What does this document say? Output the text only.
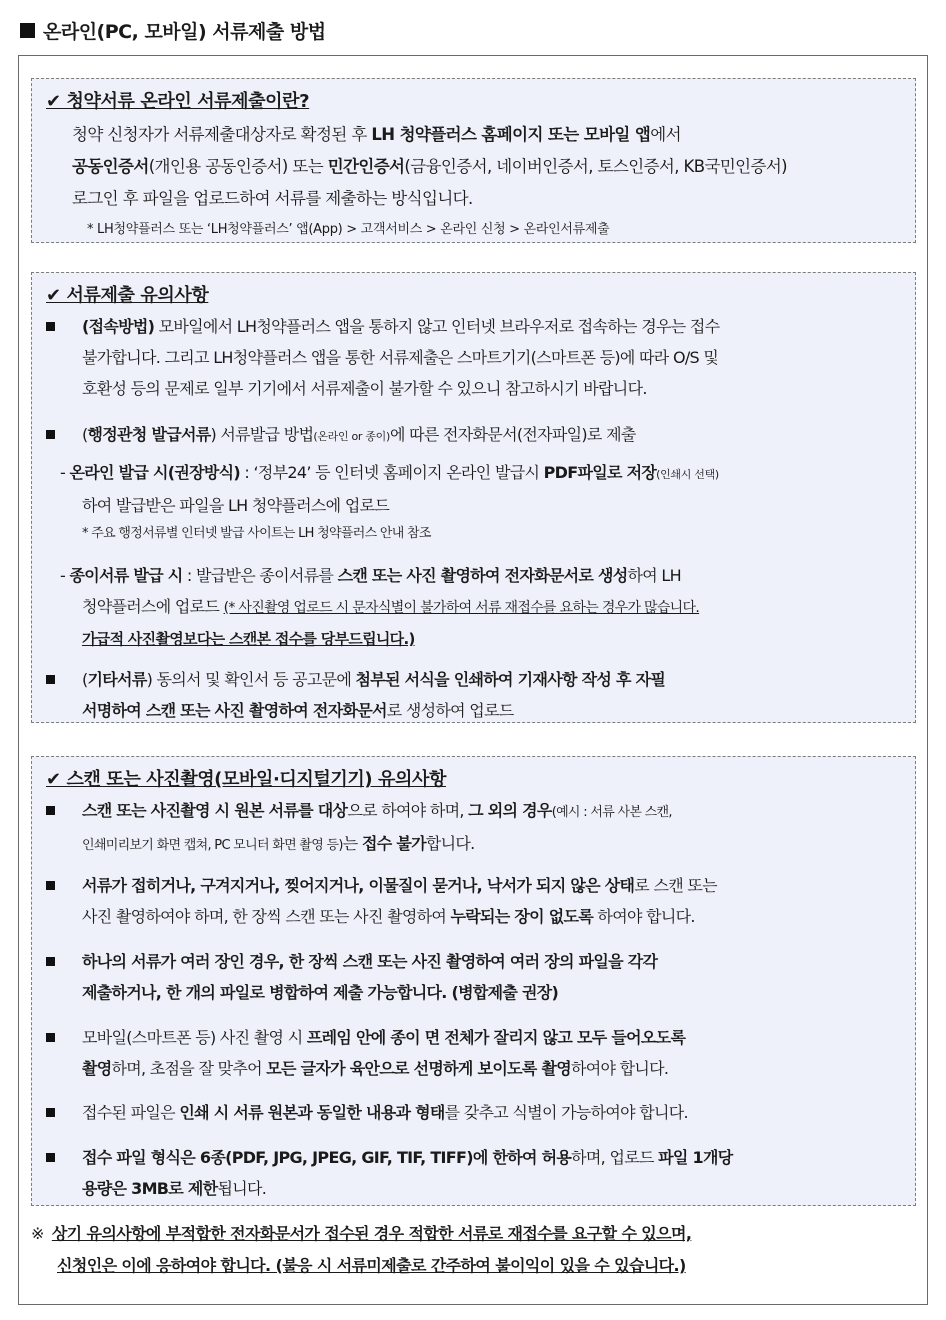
온라인(PC, 모바일) 서류제출 방법
✔ 청약서류 온라인 서류제출이란?
청약 신청자가 서류제출대상자로 확정된 후 LH 청약플러스 홈페이지 또는 모바일 앱에서
공동인증서(개인용 공동인증서) 또는 민간인증서(금융인증서, 네이버인증서, 토스인증서, KB국민인증서)
로그인 후 파일을 업로드하여 서류를 제출하는 방식입니다.
* LH청약플러스 또는 ‘LH청약플러스’ 앱(App) > 고객서비스 > 온라인 신청 > 온라인서류제출
✔ 서류제출 유의사항
(접속방법) 모바일에서 LH청약플러스 앱을 통하지 않고 인터넷 브라우저로 접속하는 경우는 접수
불가합니다. 그리고 LH청약플러스 앱을 통한 서류제출은 스마트기기(스마트폰 등)에 따라 O/S 및
호환성 등의 문제로 일부 기기에서 서류제출이 불가할 수 있으니 참고하시기 바랍니다.
(행정관청 발급서류) 서류발급 방법(온라인 or 종이)에 따른 전자화문서(전자파일)로 제출
- 온라인 발급 시(권장방식) : ‘정부24’ 등 인터넷 홈페이지 온라인 발급시 PDF파일로 저장(인쇄시 선택)
하여 발급받은 파일을 LH 청약플러스에 업로드
* 주요 행정서류별 인터넷 발급 사이트는 LH 청약플러스 안내 참조
- 종이서류 발급 시 : 발급받은 종이서류를 스캔 또는 사진 촬영하여 전자화문서로 생성하여 LH
청약플러스에 업로드 (* 사진촬영 업로드 시 문자식별이 불가하여 서류 재접수를 요하는 경우가 많습니다.
가급적 사진촬영보다는 스캔본 접수를 당부드립니다.)
(기타서류) 동의서 및 확인서 등 공고문에 첨부된 서식을 인쇄하여 기재사항 작성 후 자필
서명하여 스캔 또는 사진 촬영하여 전자화문서로 생성하여 업로드
✔ 스캔 또는 사진촬영(모바일·디지털기기) 유의사항
스캔 또는 사진촬영 시 원본 서류를 대상으로 하여야 하며, 그 외의 경우(예시 : 서류 사본 스캔,
인쇄미리보기 화면 캡쳐, PC 모니터 화면 촬영 등)는 접수 불가합니다.
서류가 접히거나, 구겨지거나, 찢어지거나, 이물질이 묻거나, 낙서가 되지 않은 상태로 스캔 또는
사진 촬영하여야 하며, 한 장씩 스캔 또는 사진 촬영하여 누락되는 장이 없도록 하여야 합니다.
하나의 서류가 여러 장인 경우, 한 장씩 스캔 또는 사진 촬영하여 여러 장의 파일을 각각
제출하거나, 한 개의 파일로 병합하여 제출 가능합니다. (병합제출 권장)
모바일(스마트폰 등) 사진 촬영 시 프레임 안에 종이 면 전체가 잘리지 않고 모두 들어오도록
촬영하며, 초점을 잘 맞추어 모든 글자가 육안으로 선명하게 보이도록 촬영하여야 합니다.
접수된 파일은 인쇄 시 서류 원본과 동일한 내용과 형태를 갖추고 식별이 가능하여야 합니다.
접수 파일 형식은 6종(PDF, JPG, JPEG, GIF, TIF, TIFF)에 한하여 허용하며, 업로드 파일 1개당
용량은 3MB로 제한됩니다.
※ 상기 유의사항에 부적합한 전자화문서가 접수된 경우 적합한 서류로 재접수를 요구할 수 있으며,
신청인은 이에 응하여야 합니다. (불응 시 서류미제출로 간주하여 불이익이 있을 수 있습니다.)
